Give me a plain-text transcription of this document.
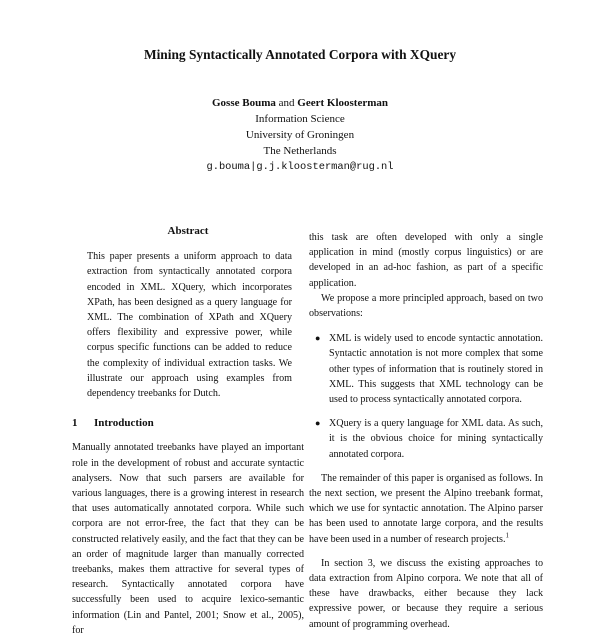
Mining Syntactically Annotated Corpora with XQuery
Gosse Bouma and Geert Kloosterman
Information Science
University of Groningen
The Netherlands
g.bouma|g.j.kloosterman@rug.nl
Abstract

This paper presents a uniform approach to data extraction from syntactically annotated corpora encoded in XML. XQuery, which incorporates XPath, has been designed as a query language for XML. The combination of XPath and XQuery offers flexibility and expressive power, while corpus specific functions can be added to reduce the complexity of individual extraction tasks. We illustrate our approach using examples from dependency treebanks for Dutch.

1 Introduction

Manually annotated treebanks have played an important role in the development of robust and accurate syntactic analysers. Now that such parsers are available for various languages, there is a growing interest in research that uses automatically annotated corpora. While such corpora are not error-free, the fact that they can be constructed relatively easily, and the fact that they can be an order of magnitude larger than manually corrected treebanks, makes them attractive for several types of research. Syntactically annotated corpora have successfully been used to acquire lexico-semantic information (Lin and Pantel, 2001; Snow et al., 2005), for

this task are often developed with only a single application in mind (mostly corpus linguistics) or are developed in an ad-hoc fashion, as part of a specific application.

We propose a more principled approach, based on two observations:

● XML is widely used to encode syntactic annotation. Syntactic annotation is not more complex that some other types of information that is routinely stored in XML. This suggests that XML technology can be used to process syntactically annotated corpora.
● XQuery is a query language for XML data. As such, it is the obvious choice for mining syntactically annotated corpora.

The remainder of this paper is organised as follows. In the next section, we present the Alpino treebank format, which we use for syntactic annotation. The Alpino parser has been used to annotate large corpora, and the results have been used in a number of research projects.$^1$

In section 3, we discuss the existing approaches to data extraction from Alpino corpora. We note that all of these have drawbacks, either because they lack expressive power, or because they require a serious amount of programming overhead.
